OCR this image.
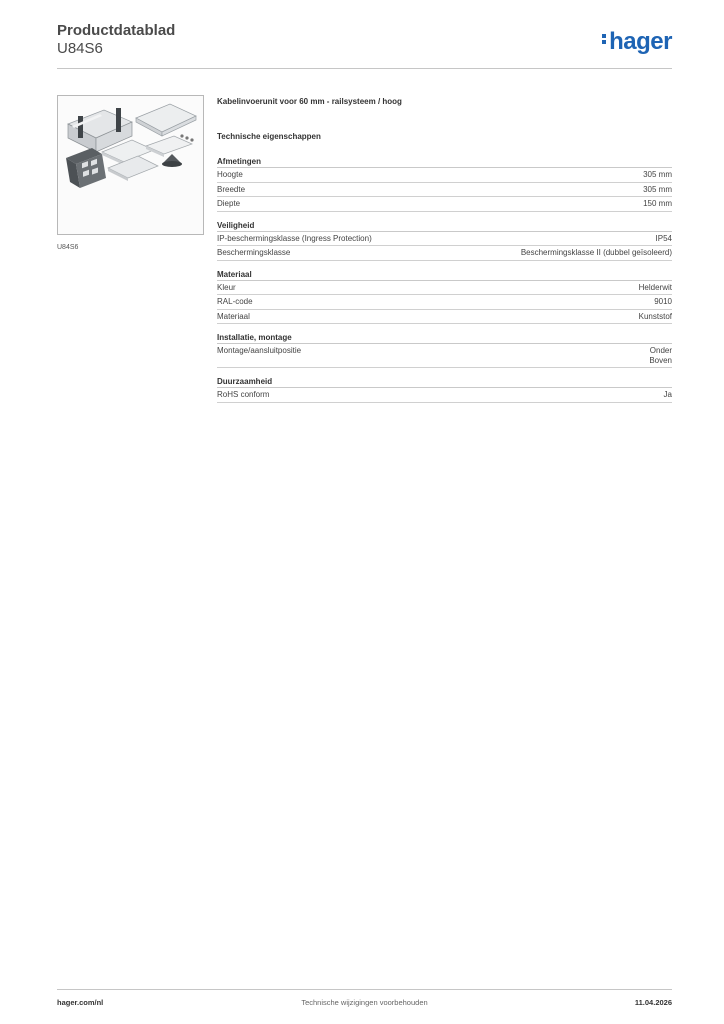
Productdatablad
U84S6	hager
U84S6
Kabelinvoerunit voor 60 mm - railsysteem / hoog
Technische eigenschappen
Afmetingen
Hoogte	305 mm
Breedte	305 mm
Diepte	150 mm
Veiligheid
IP-beschermingsklasse (Ingress Protection)	IP54
Beschermingsklasse	Beschermingsklasse II (dubbel geïsoleerd)
Materiaal
Kleur	Helderwit
RAL-code	9010
Materiaal	Kunststof
Installatie, montage
Montage/aansluitpositie	Onder
Boven
Duurzaamheid
RoHS conform	Ja
hager.com/nl	Technische wijzigingen voorbehouden	11.04.2026
